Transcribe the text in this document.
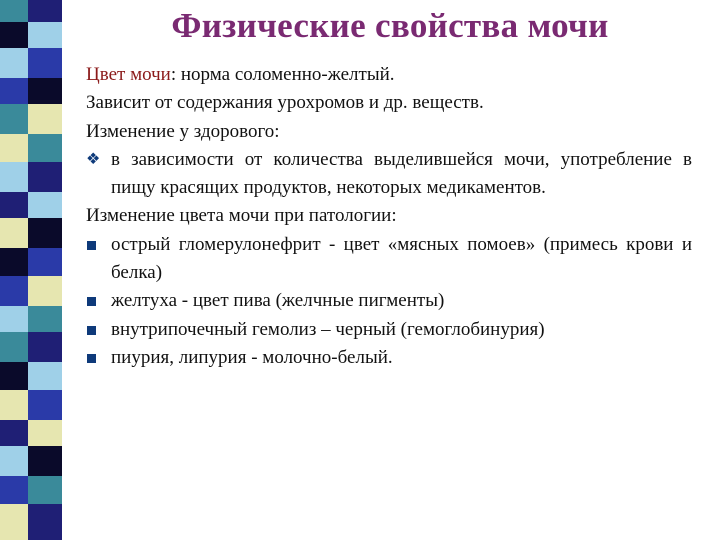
Физические свойства мочи
Цвет мочи: норма соломенно-желтый.
Зависит от содержания урохромов и др. веществ.
Изменение у здорового:
❖ в зависимости от количества выделившейся мочи, употребление в пищу красящих продуктов, некоторых медикаментов.
Изменение цвета мочи при патологии:
острый гломерулонефрит - цвет «мясных помоев» (примесь крови и белка)
желтуха - цвет пива (желчные пигменты)
внутрипочечный гемолиз – черный (гемоглобинурия)
пиурия, липурия - молочно-белый.
